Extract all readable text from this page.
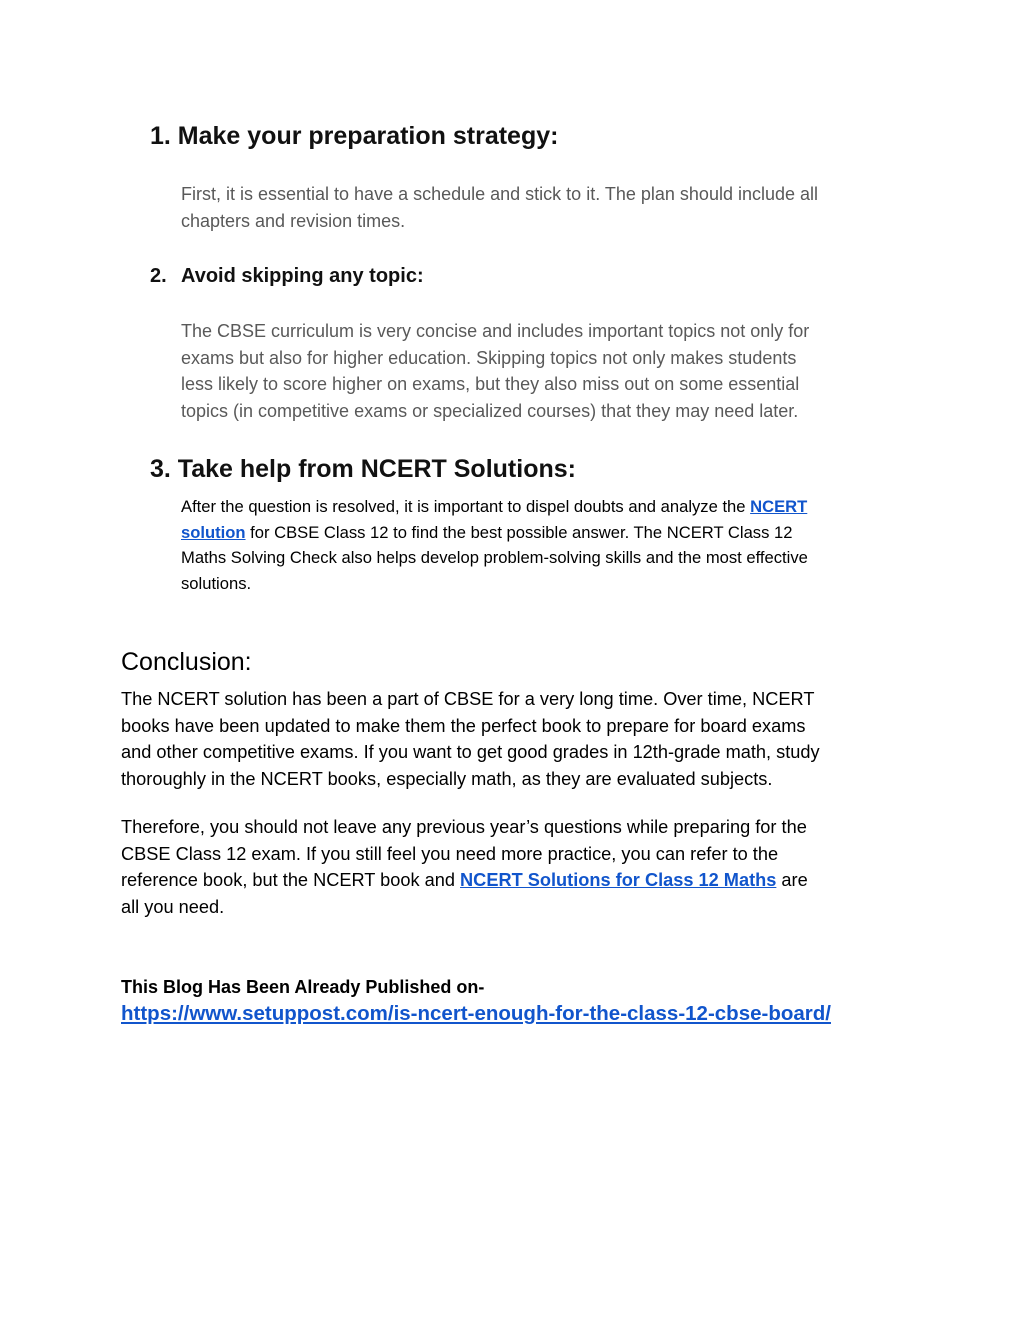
1. Make your preparation strategy:
First, it is essential to have a schedule and stick to it. The plan should include all
chapters and revision times.
2. Avoid skipping any topic:
The CBSE curriculum is very concise and includes important topics not only for
exams but also for higher education. Skipping topics not only makes students
less likely to score higher on exams, but they also miss out on some essential
topics (in competitive exams or specialized courses) that they may need later.
3. Take help from NCERT Solutions:
After the question is resolved, it is important to dispel doubts and analyze the NCERT
solution for CBSE Class 12 to find the best possible answer. The NCERT Class 12
Maths Solving Check also helps develop problem-solving skills and the most effective
solutions.
Conclusion:
The NCERT solution has been a part of CBSE for a very long time. Over time, NCERT
books have been updated to make them the perfect book to prepare for board exams
and other competitive exams. If you want to get good grades in 12th-grade math, study
thoroughly in the NCERT books, especially math, as they are evaluated subjects.
Therefore, you should not leave any previous year’s questions while preparing for the
CBSE Class 12 exam. If you still feel you need more practice, you can refer to the
reference book, but the NCERT book and NCERT Solutions for Class 12 Maths are
all you need.
This Blog Has Been Already Published on-
https://www.setuppost.com/is-ncert-enough-for-the-class-12-cbse-board/
